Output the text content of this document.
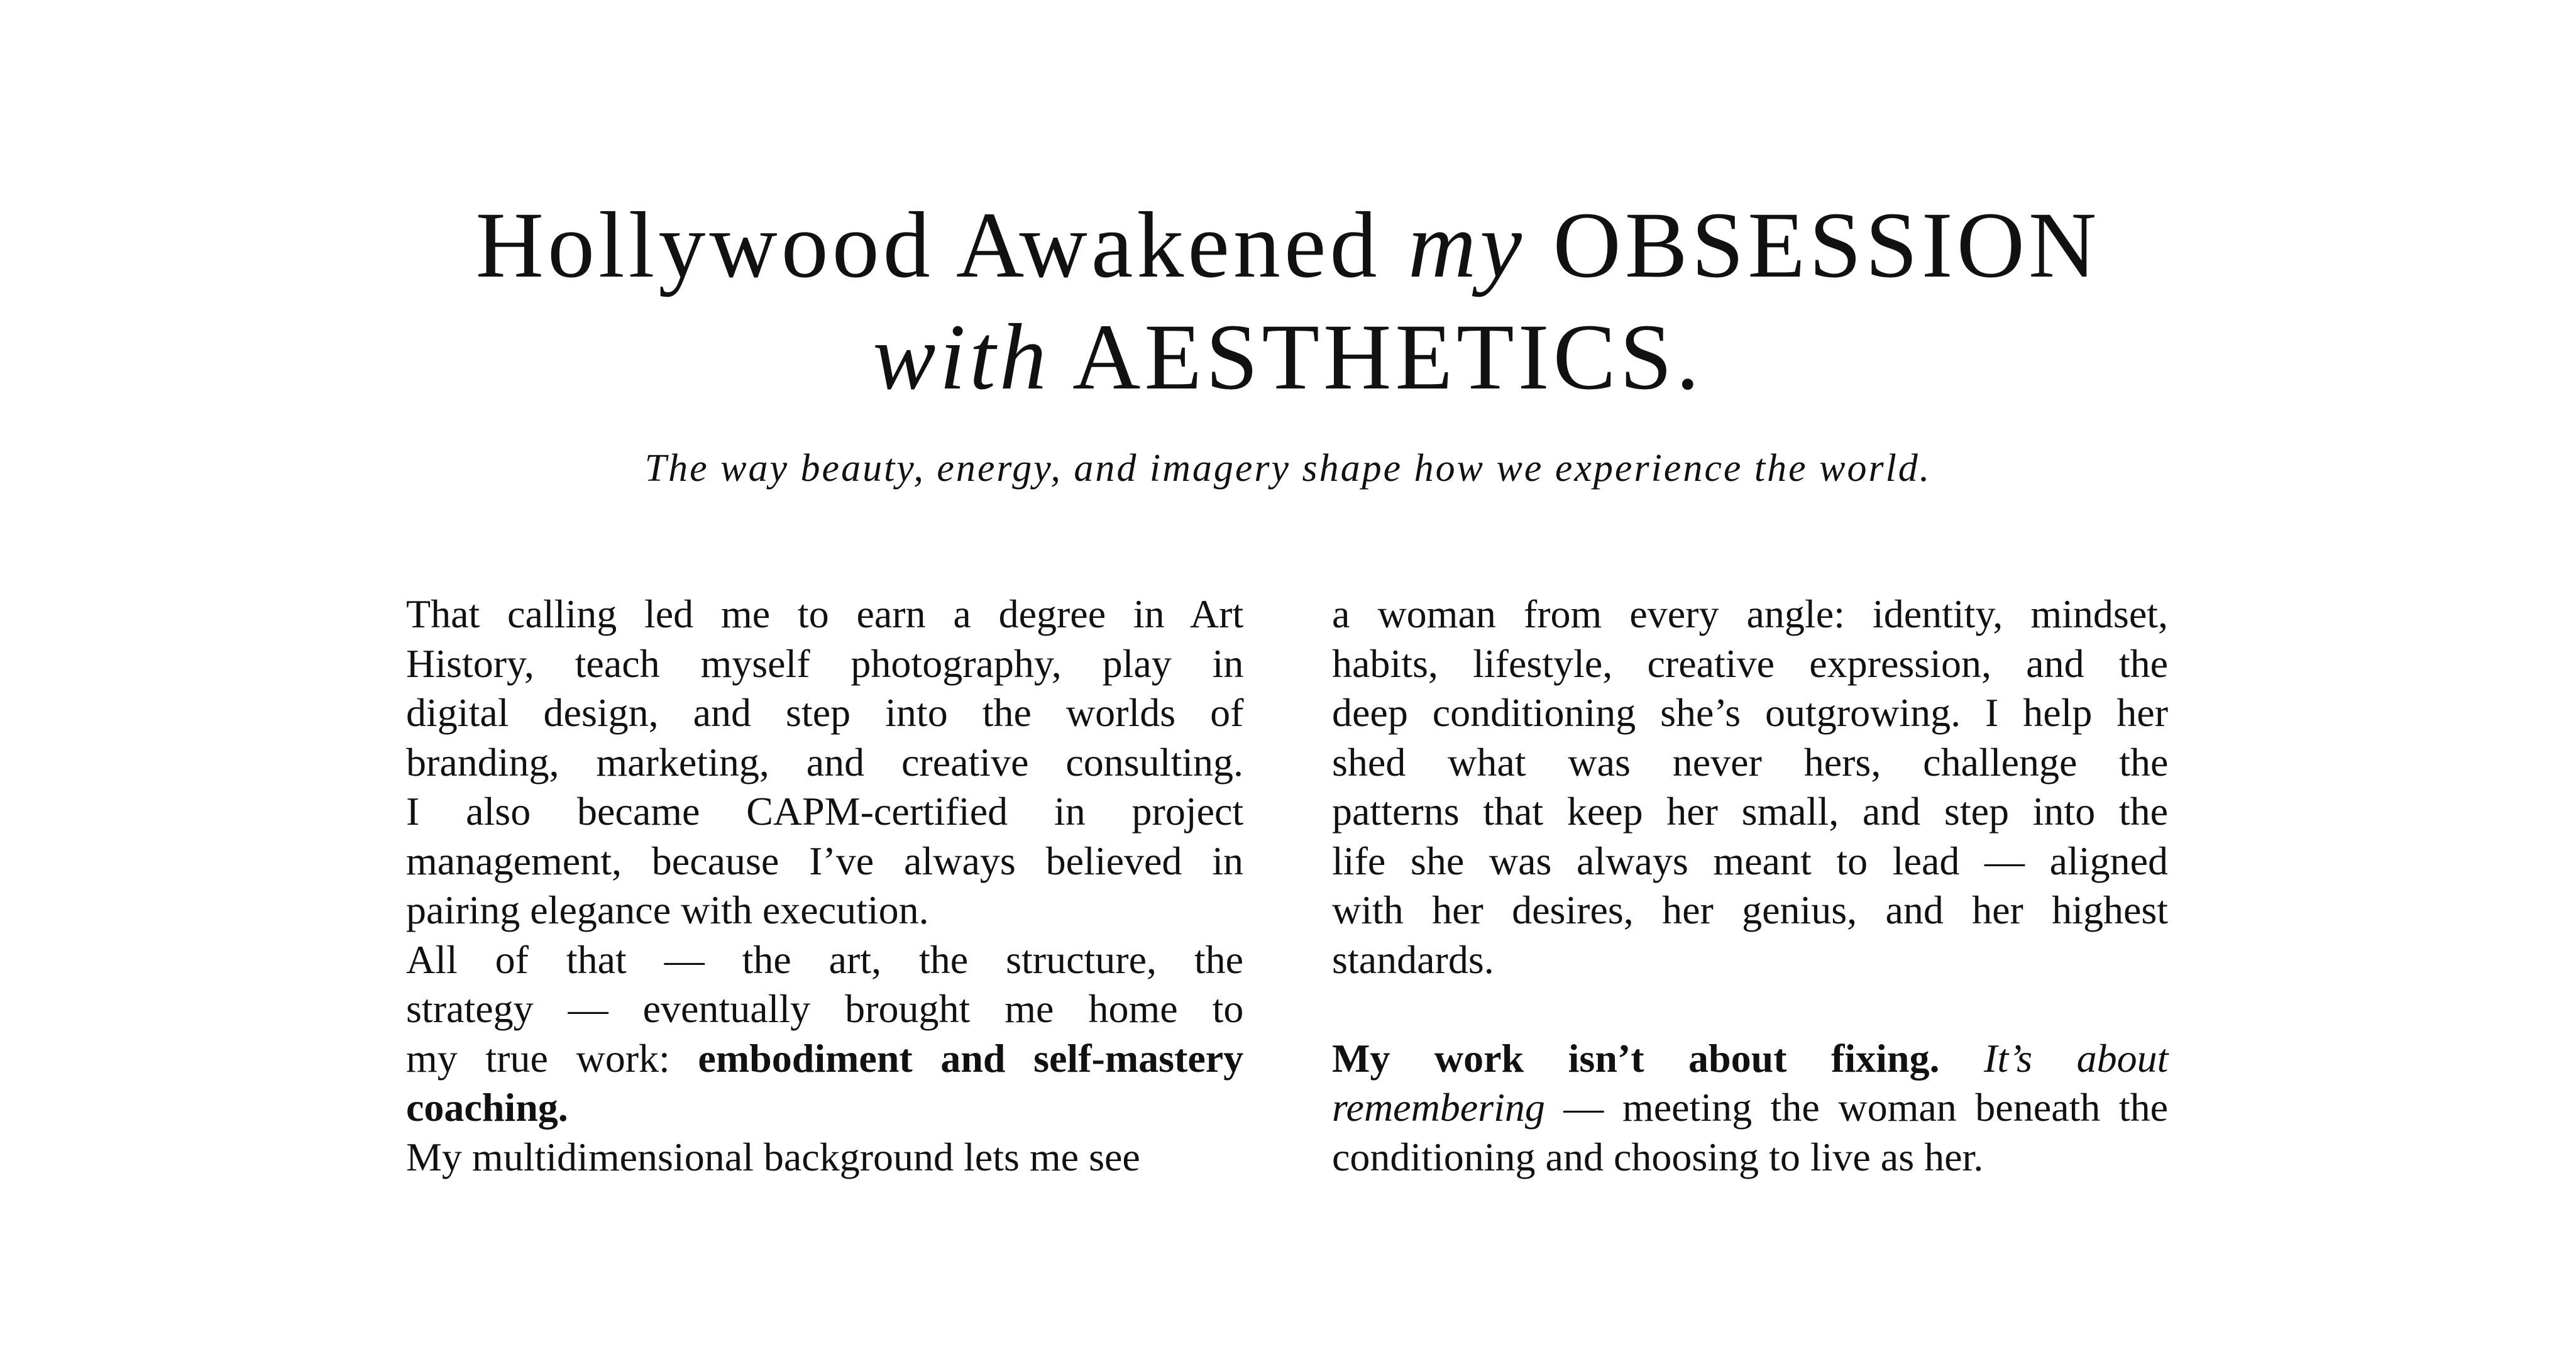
Hollywood Awakened my OBSESSION
with AESTHETICS.

The way beauty, energy, and imagery shape how we experience the world.

That calling led me to earn a degree in Art
History, teach myself photography, play in
digital design, and step into the worlds of
branding, marketing, and creative consulting.
I also became CAPM-certified in project
management, because I’ve always believed in
pairing elegance with execution.
All of that — the art, the structure, the
strategy — eventually brought me home to
my true work: embodiment and self-mastery
coaching.
My multidimensional background lets me see
a woman from every angle: identity, mindset,
habits, lifestyle, creative expression, and the
deep conditioning she’s outgrowing. I help her
shed what was never hers, challenge the
patterns that keep her small, and step into the
life she was always meant to lead — aligned
with her desires, her genius, and her highest
standards.
My work isn’t about fixing. It’s about
remembering — meeting the woman beneath the
conditioning and choosing to live as her.
